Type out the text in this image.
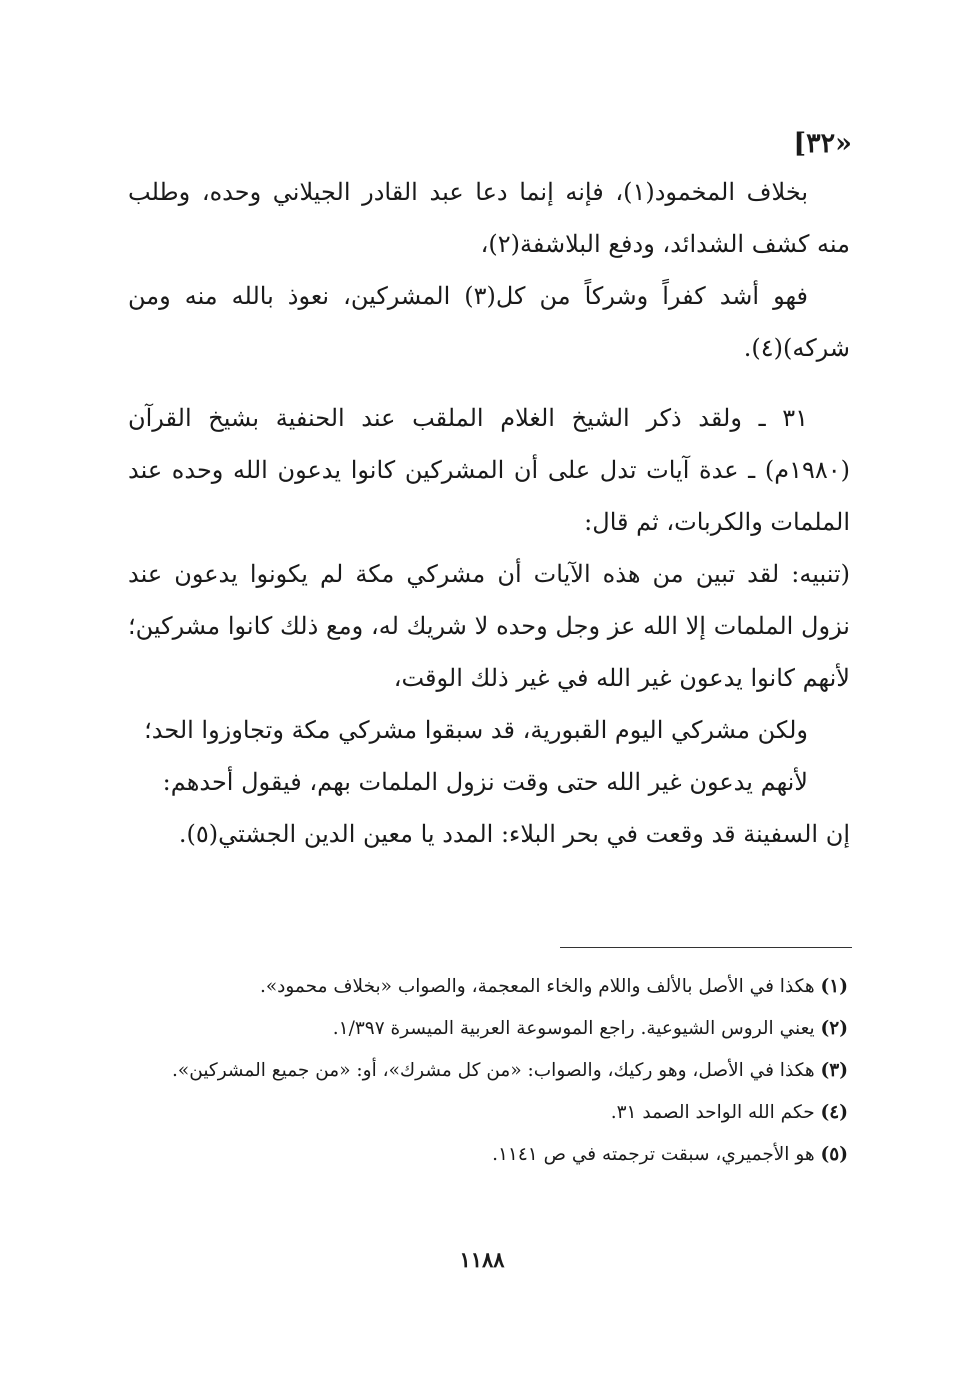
[٣٢»

بخلاف المخمود(١)، فإنه إنما دعا عبد القادر الجيلاني وحده، وطلب منه كشف الشدائد، ودفع البلاشفة(٢)،

فهو أشد كفراً وشركاً من كل(٣) المشركين، نعوذ بالله منه ومن شركه)(٤).

٣١ ـ ولقد ذكر الشيخ الغلام الملقب عند الحنفية بشيخ القرآن (١٩٨٠م) ـ عدة آيات تدل على أن المشركين كانوا يدعون الله وحده عند الملمات والكربات، ثم قال:

(تنبيه: لقد تبين من هذه الآيات أن مشركي مكة لم يكونوا يدعون عند نزول الملمات إلا الله عز وجل وحده لا شريك له، ومع ذلك كانوا مشركين؛ لأنهم كانوا يدعون غير الله في غير ذلك الوقت،

ولكن مشركي اليوم القبورية، قد سبقوا مشركي مكة وتجاوزوا الحد؛

لأنهم يدعون غير الله حتى وقت نزول الملمات بهم، فيقول أحدهم:

إن السفينة قد وقعت في بحر البلاء: المدد يا معين الدين الجشتي(٥).

(١) هكذا في الأصل بالألف واللام والخاء المعجمة، والصواب «بخلاف محمود».

(٢) يعني الروس الشيوعية. راجع الموسوعة العربية الميسرة ١/٣٩٧.

(٣) هكذا في الأصل، وهو ركيك، والصواب: «من كل مشرك»، أو: «من جميع المشركين».

(٤) حكم الله الواحد الصمد ٣١.

(٥) هو الأجميري، سبقت ترجمته في ص ١١٤١.

١١٨٨
